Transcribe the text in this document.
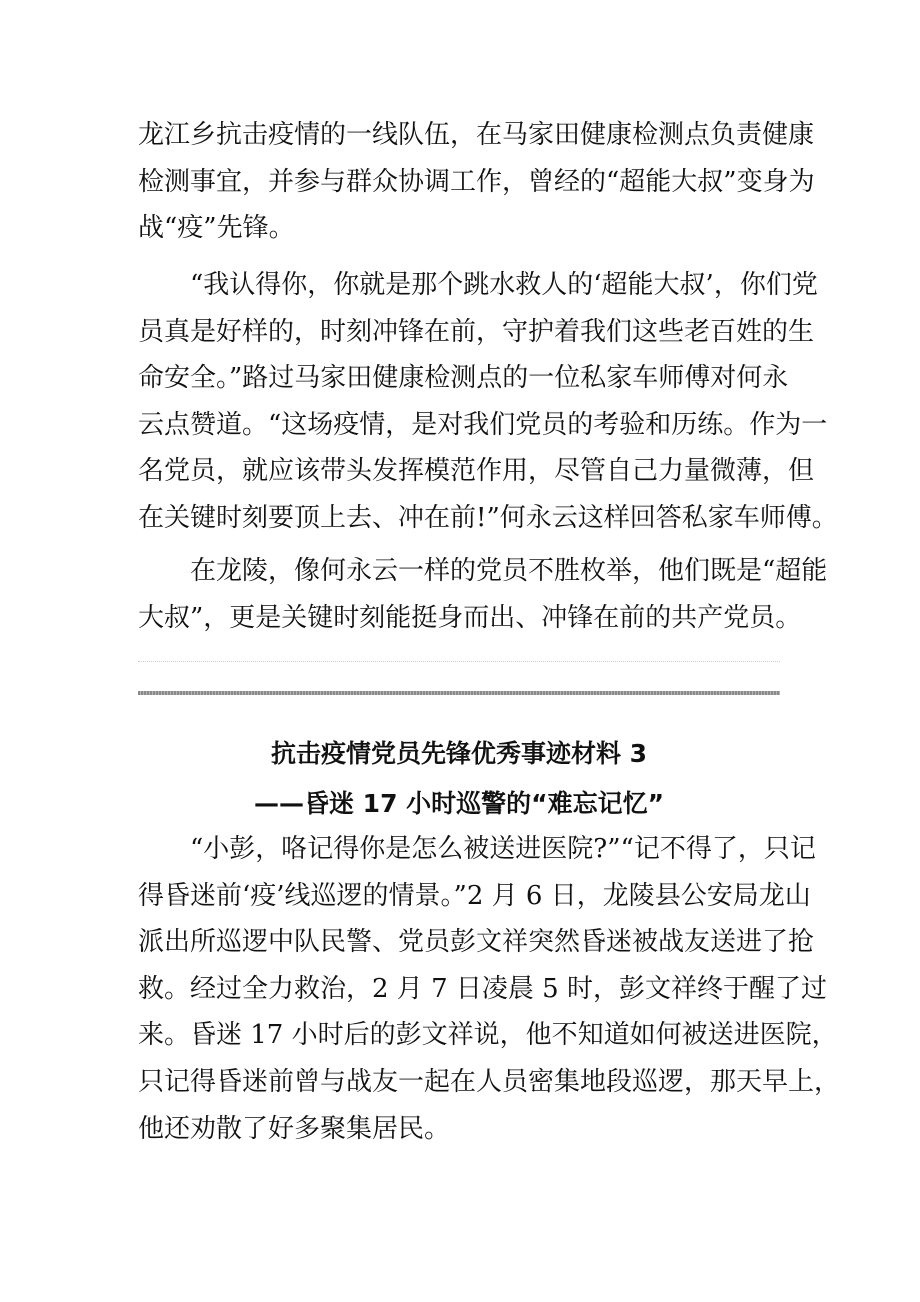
龙江乡抗击疫情的一线队伍，在马家田健康检测点负责健康
检测事宜，并参与群众协调工作，曾经的“超能大叔”变身为
战“疫”先锋。
“我认得你，你就是那个跳水救人的‘超能大叔’，你们党
员真是好样的，时刻冲锋在前，守护着我们这些老百姓的生
命安全。”路过马家田健康检测点的一位私家车师傅对何永
云点赞道。“这场疫情，是对我们党员的考验和历练。作为一
名党员，就应该带头发挥模范作用，尽管自己力量微薄，但
在关键时刻要顶上去、冲在前!”何永云这样回答私家车师傅。
在龙陵，像何永云一样的党员不胜枚举，他们既是“超能
大叔”，更是关键时刻能挺身而出、冲锋在前的共产党员。
抗击疫情党员先锋优秀事迹材料 3
——昏迷 17 小时巡警的“难忘记忆”
“小彭，咯记得你是怎么被送进医院?”“记不得了，只记
得昏迷前‘疫’线巡逻的情景。”2 月 6 日，龙陵县公安局龙山
派出所巡逻中队民警、党员彭文祥突然昏迷被战友送进了抢
救。经过全力救治，2 月 7 日凌晨 5 时，彭文祥终于醒了过
来。昏迷 17 小时后的彭文祥说，他不知道如何被送进医院，
只记得昏迷前曾与战友一起在人员密集地段巡逻，那天早上，
他还劝散了好多聚集居民。
